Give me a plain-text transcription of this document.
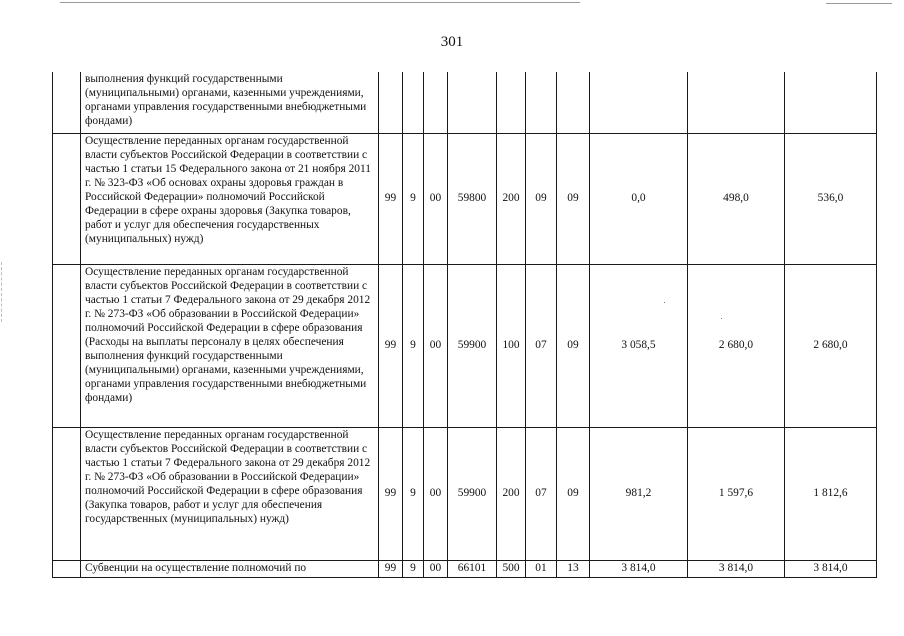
301
	выполнения функций государственными (муниципальными) органами, казенными учреждениями, органами управления государственными внебюджетными фондами)										
	Осуществление переданных органам государственной власти субъектов Российской Федерации в соответствии с частью 1 статьи 15 Федерального закона от 21 ноября 2011 г. № 323-ФЗ «Об основах охраны здоровья граждан в Российской Федерации» полномочий Российской Федерации в сфере охраны здоровья (Закупка товаров, работ и услуг для обеспечения государственных (муниципальных) нужд)	99	9	00	59800	200	09	09	0,0	498,0	536,0
	Осуществление переданных органам государственной власти субъектов Российской Федерации в соответствии с частью 1 статьи 7 Федерального закона от 29 декабря 2012 г. № 273-ФЗ «Об образовании в Российской Федерации» полномочий Российской Федерации в сфере образования (Расходы на выплаты персоналу в целях обеспечения выполнения функций государственными (муниципальными) органами, казенными учреждениями, органами управления государственными внебюджетными фондами)	99	9	00	59900	100	07	09	3 058,5	2 680,0	2 680,0
	Осуществление переданных органам государственной власти субъектов Российской Федерации в соответствии с частью 1 статьи 7 Федерального закона от 29 декабря 2012 г. № 273-ФЗ «Об образовании в Российской Федерации» полномочий Российской Федерации в сфере образования (Закупка товаров, работ и услуг для обеспечения государственных (муниципальных) нужд)	99	9	00	59900	200	07	09	981,2	1 597,6	1 812,6
	Субвенции на осуществление полномочий по	99	9	00	66101	500	01	13	3 814,0	3 814,0	3 814,0
